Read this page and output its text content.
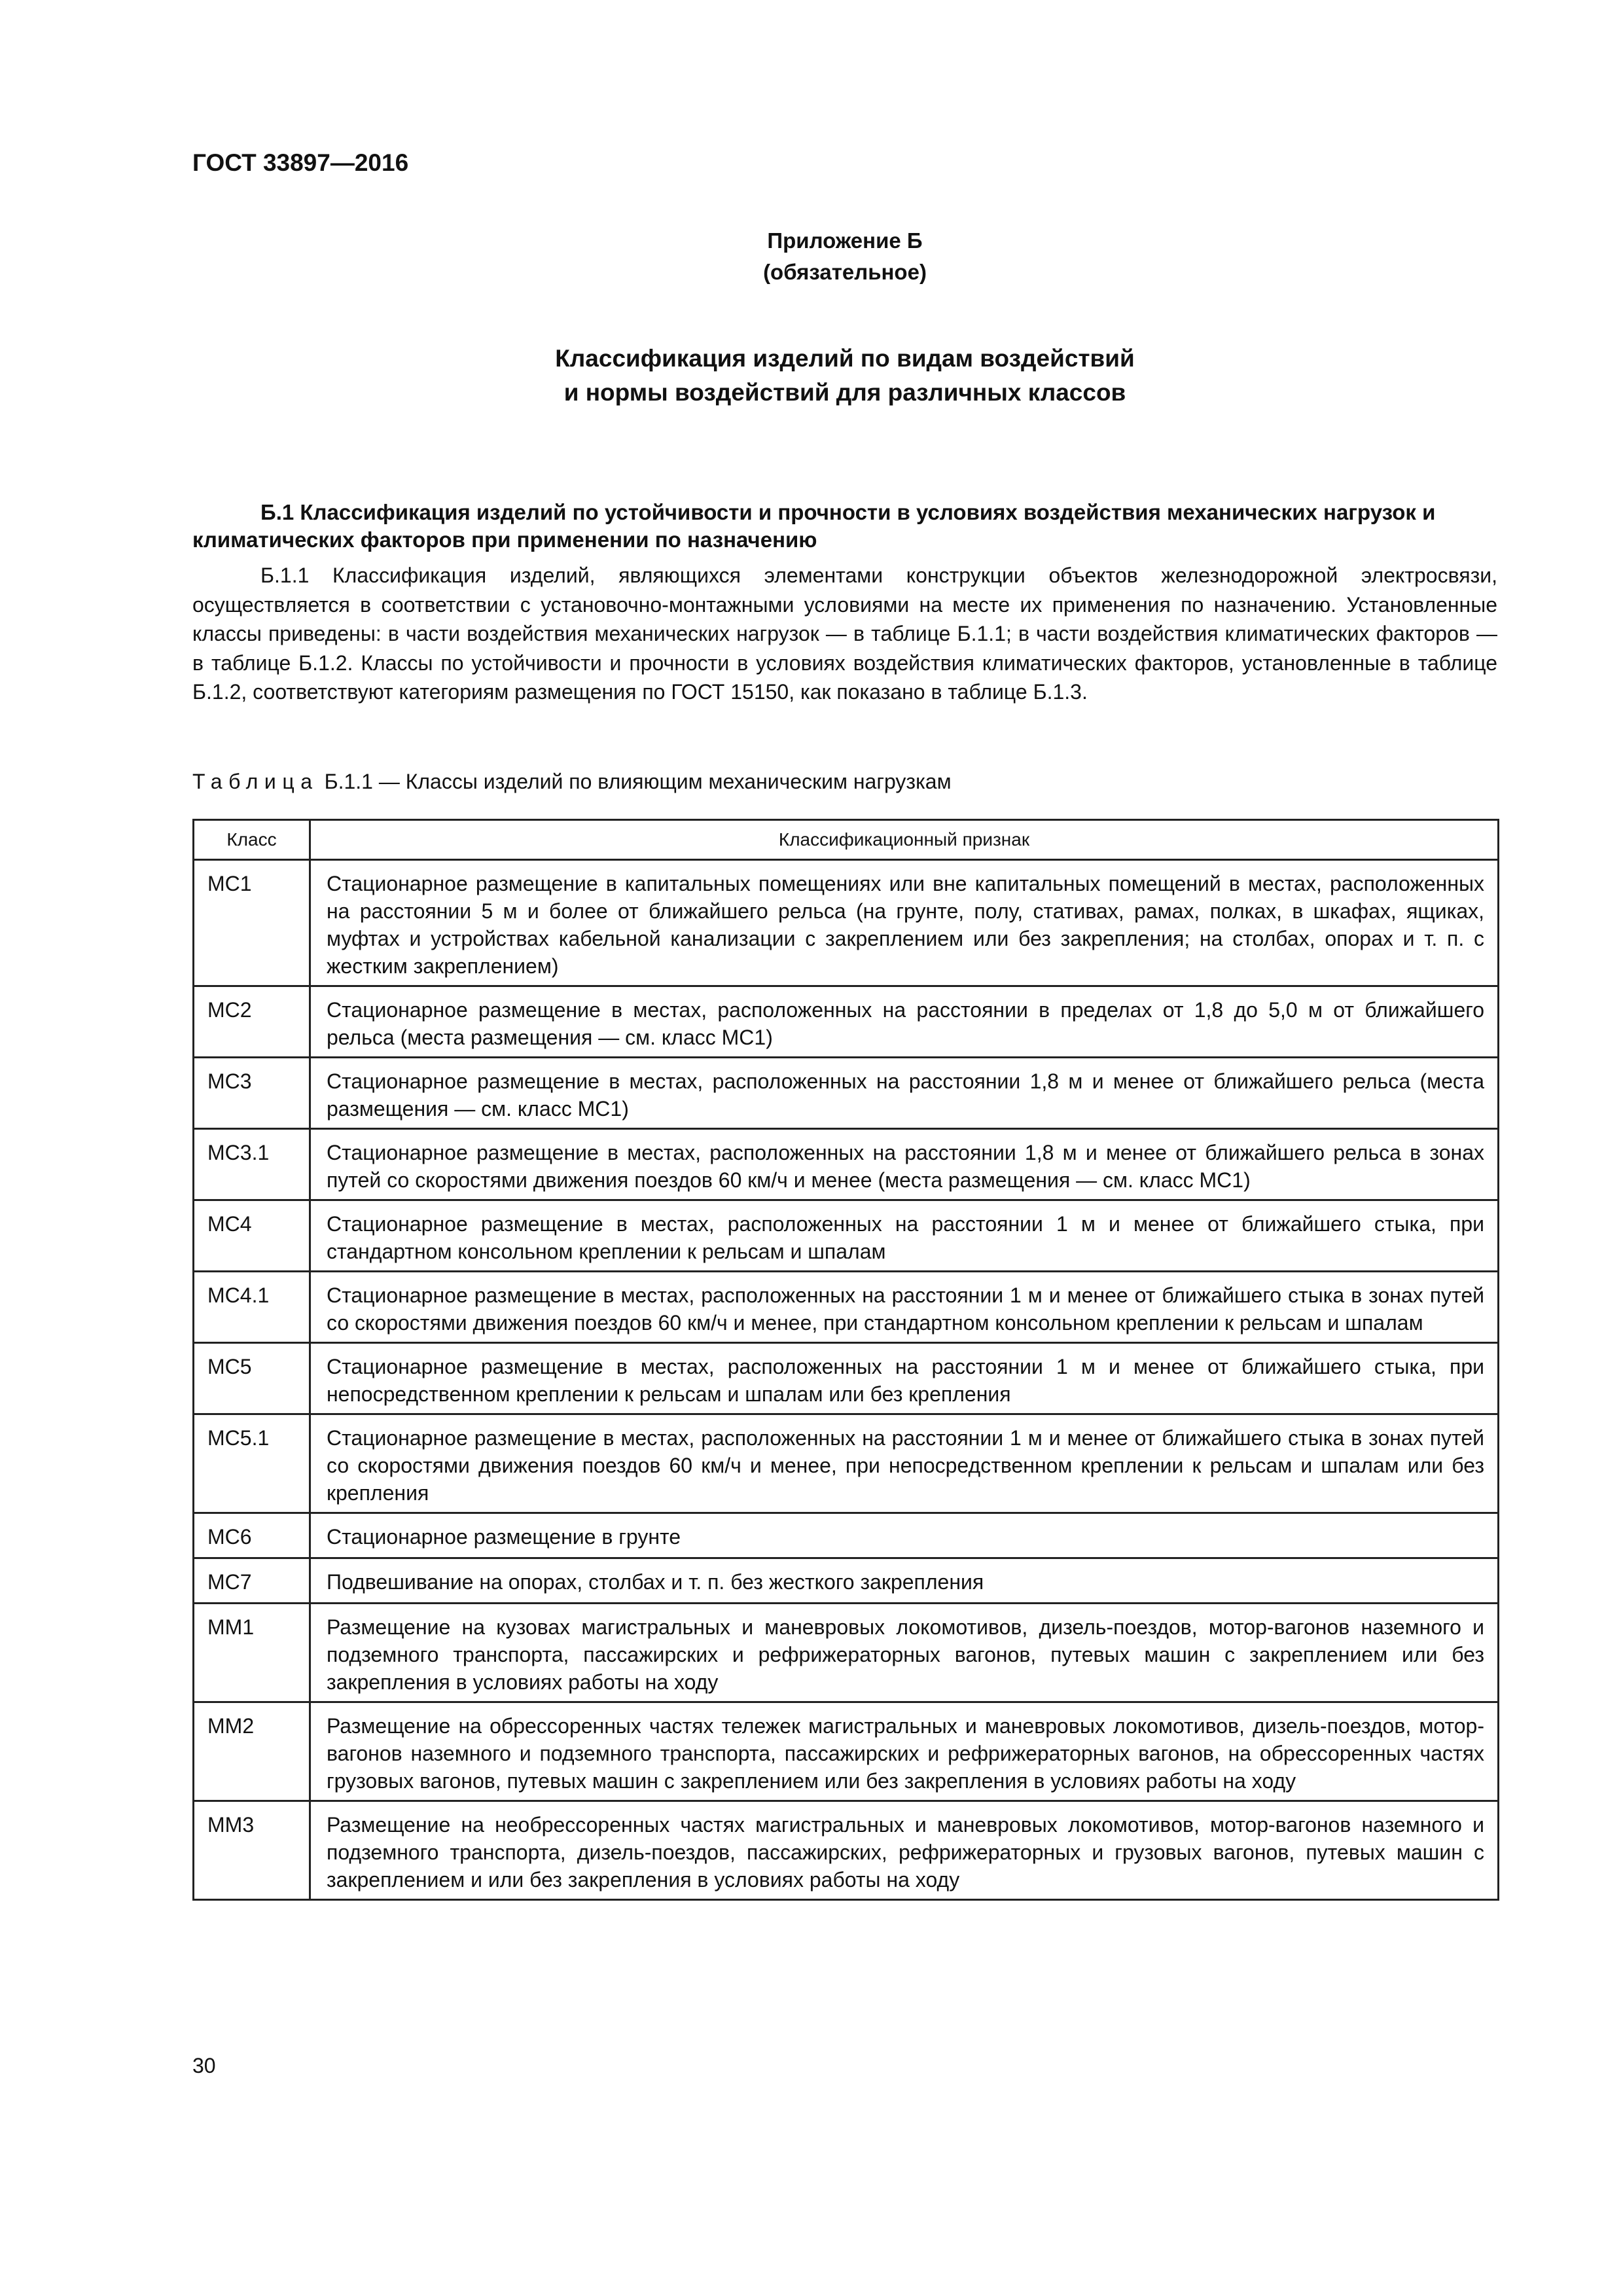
ГОСТ 33897—2016
Приложение Б
(обязательное)
Классификация изделий по видам воздействий
и нормы воздействий для различных классов
Б.1 Классификация изделий по устойчивости и прочности в условиях воздействия механических нагрузок и климатических факторов при применении по назначению

Б.1.1 Классификация изделий, являющихся элементами конструкции объектов железнодорожной электросвязи, осуществляется в соответствии с установочно-монтажными условиями на месте их применения по назначению. Установленные классы приведены: в части воздействия механических нагрузок — в таблице Б.1.1; в части воздействия климатических факторов — в таблице Б.1.2. Классы по устойчивости и прочности в условиях воздействия климатических факторов, установленные в таблице Б.1.2, соответствуют категориям размещения по ГОСТ 15150, как показано в таблице Б.1.3.

Таблица Б.1.1 — Классы изделий по влияющим механическим нагрузкам

Класс	Классификационный признак
МС1	Стационарное размещение в капитальных помещениях или вне капитальных помещений в местах, расположенных на расстоянии 5 м и более от ближайшего рельса (на грунте, полу, стативах, рамах, полках, в шкафах, ящиках, муфтах и устройствах кабельной канализации с закреплением или без закрепления; на столбах, опорах и т. п. с жестким закреплением)
МС2	Стационарное размещение в местах, расположенных на расстоянии в пределах от 1,8 до 5,0 м от ближайшего рельса (места размещения — см. класс МС1)
МС3	Стационарное размещение в местах, расположенных на расстоянии 1,8 м и менее от ближайшего рельса (места размещения — см. класс МС1)
МС3.1	Стационарное размещение в местах, расположенных на расстоянии 1,8 м и менее от ближайшего рельса в зонах путей со скоростями движения поездов 60 км/ч и менее (места размещения — см. класс МС1)
МС4	Стационарное размещение в местах, расположенных на расстоянии 1 м и менее от ближайшего стыка, при стандартном консольном креплении к рельсам и шпалам
МС4.1	Стационарное размещение в местах, расположенных на расстоянии 1 м и менее от ближайшего стыка в зонах путей со скоростями движения поездов 60 км/ч и менее, при стандартном консольном креплении к рельсам и шпалам
МС5	Стационарное размещение в местах, расположенных на расстоянии 1 м и менее от ближайшего стыка, при непосредственном креплении к рельсам и шпалам или без крепления
МС5.1	Стационарное размещение в местах, расположенных на расстоянии 1 м и менее от ближайшего стыка в зонах путей со скоростями движения поездов 60 км/ч и менее, при непосредственном креплении к рельсам и шпалам или без крепления
МС6	Стационарное размещение в грунте
МС7	Подвешивание на опорах, столбах и т. п. без жесткого закрепления
ММ1	Размещение на кузовах магистральных и маневровых локомотивов, дизель-поездов, мотор-вагонов наземного и подземного транспорта, пассажирских и рефрижераторных вагонов, путевых машин с закреплением или без закрепления в условиях работы на ходу
ММ2	Размещение на обрессоренных частях тележек магистральных и маневровых локомотивов, дизель-поездов, мотор-вагонов наземного и подземного транспорта, пассажирских и рефрижераторных вагонов, на обрессоренных частях грузовых вагонов, путевых машин с закреплением или без закрепления в условиях работы на ходу
ММ3	Размещение на необрессоренных частях магистральных и маневровых локомотивов, мотор-вагонов наземного и подземного транспорта, дизель-поездов, пассажирских, рефрижераторных и грузовых вагонов, путевых машин с закреплением и или без закрепления в условиях работы на ходу

30
